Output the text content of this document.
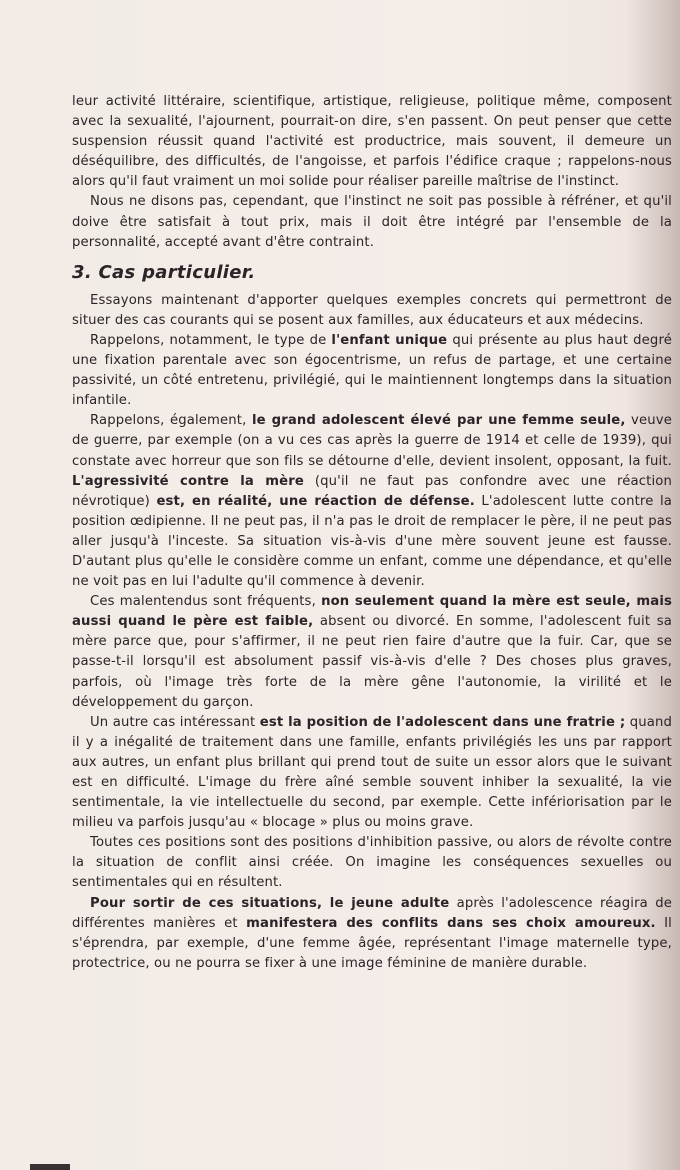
leur activité littéraire, scientifique, artistique, religieuse, politique même, composent avec la sexualité, l'ajournent, pourrait-on dire, s'en passent. On peut penser que cette suspension réussit quand l'activité est productrice, mais souvent, il demeure un déséquilibre, des difficultés, de l'angoisse, et parfois l'édifice craque ; rappelons-nous alors qu'il faut vraiment un moi solide pour réaliser pareille maîtrise de l'instinct.

Nous ne disons pas, cependant, que l'instinct ne soit pas possible à réfréner, et qu'il doive être satisfait à tout prix, mais il doit être intégré par l'ensemble de la personnalité, accepté avant d'être contraint.

3. Cas particulier.

Essayons maintenant d'apporter quelques exemples concrets qui permettront de situer des cas courants qui se posent aux familles, aux éducateurs et aux médecins.

Rappelons, notamment, le type de l'enfant unique qui présente au plus haut degré une fixation parentale avec son égocentrisme, un refus de partage, et une certaine passivité, un côté entretenu, privilégié, qui le maintiennent longtemps dans la situation infantile.

Rappelons, également, le grand adolescent élevé par une femme seule, veuve de guerre, par exemple (on a vu ces cas après la guerre de 1914 et celle de 1939), qui constate avec horreur que son fils se détourne d'elle, devient insolent, opposant, la fuit. L'agressivité contre la mère (qu'il ne faut pas confondre avec une réaction névrotique) est, en réalité, une réaction de défense. L'adolescent lutte contre la position œdipienne. Il ne peut pas, il n'a pas le droit de remplacer le père, il ne peut pas aller jusqu'à l'inceste. Sa situation vis-à-vis d'une mère souvent jeune est fausse. D'autant plus qu'elle le considère comme un enfant, comme une dépendance, et qu'elle ne voit pas en lui l'adulte qu'il commence à devenir.

Ces malentendus sont fréquents, non seulement quand la mère est seule, mais aussi quand le père est faible, absent ou divorcé. En somme, l'adolescent fuit sa mère parce que, pour s'affirmer, il ne peut rien faire d'autre que la fuir. Car, que se passe-t-il lorsqu'il est absolument passif vis-à-vis d'elle ? Des choses plus graves, parfois, où l'image très forte de la mère gêne l'autonomie, la virilité et le développement du garçon.

Un autre cas intéressant est la position de l'adolescent dans une fratrie ; quand il y a inégalité de traitement dans une famille, enfants privilégiés les uns par rapport aux autres, un enfant plus brillant qui prend tout de suite un essor alors que le suivant est en difficulté. L'image du frère aîné semble souvent inhiber la sexualité, la vie sentimentale, la vie intellectuelle du second, par exemple. Cette infériorisation par le milieu va parfois jusqu'au « blocage » plus ou moins grave.

Toutes ces positions sont des positions d'inhibition passive, ou alors de révolte contre la situation de conflit ainsi créée. On imagine les conséquences sexuelles ou sentimentales qui en résultent.

Pour sortir de ces situations, le jeune adulte après l'adolescence réagira de différentes manières et manifestera des conflits dans ses choix amoureux. Il s'éprendra, par exemple, d'une femme âgée, représentant l'image maternelle type, protectrice, ou ne pourra se fixer à une image féminine de manière durable.
